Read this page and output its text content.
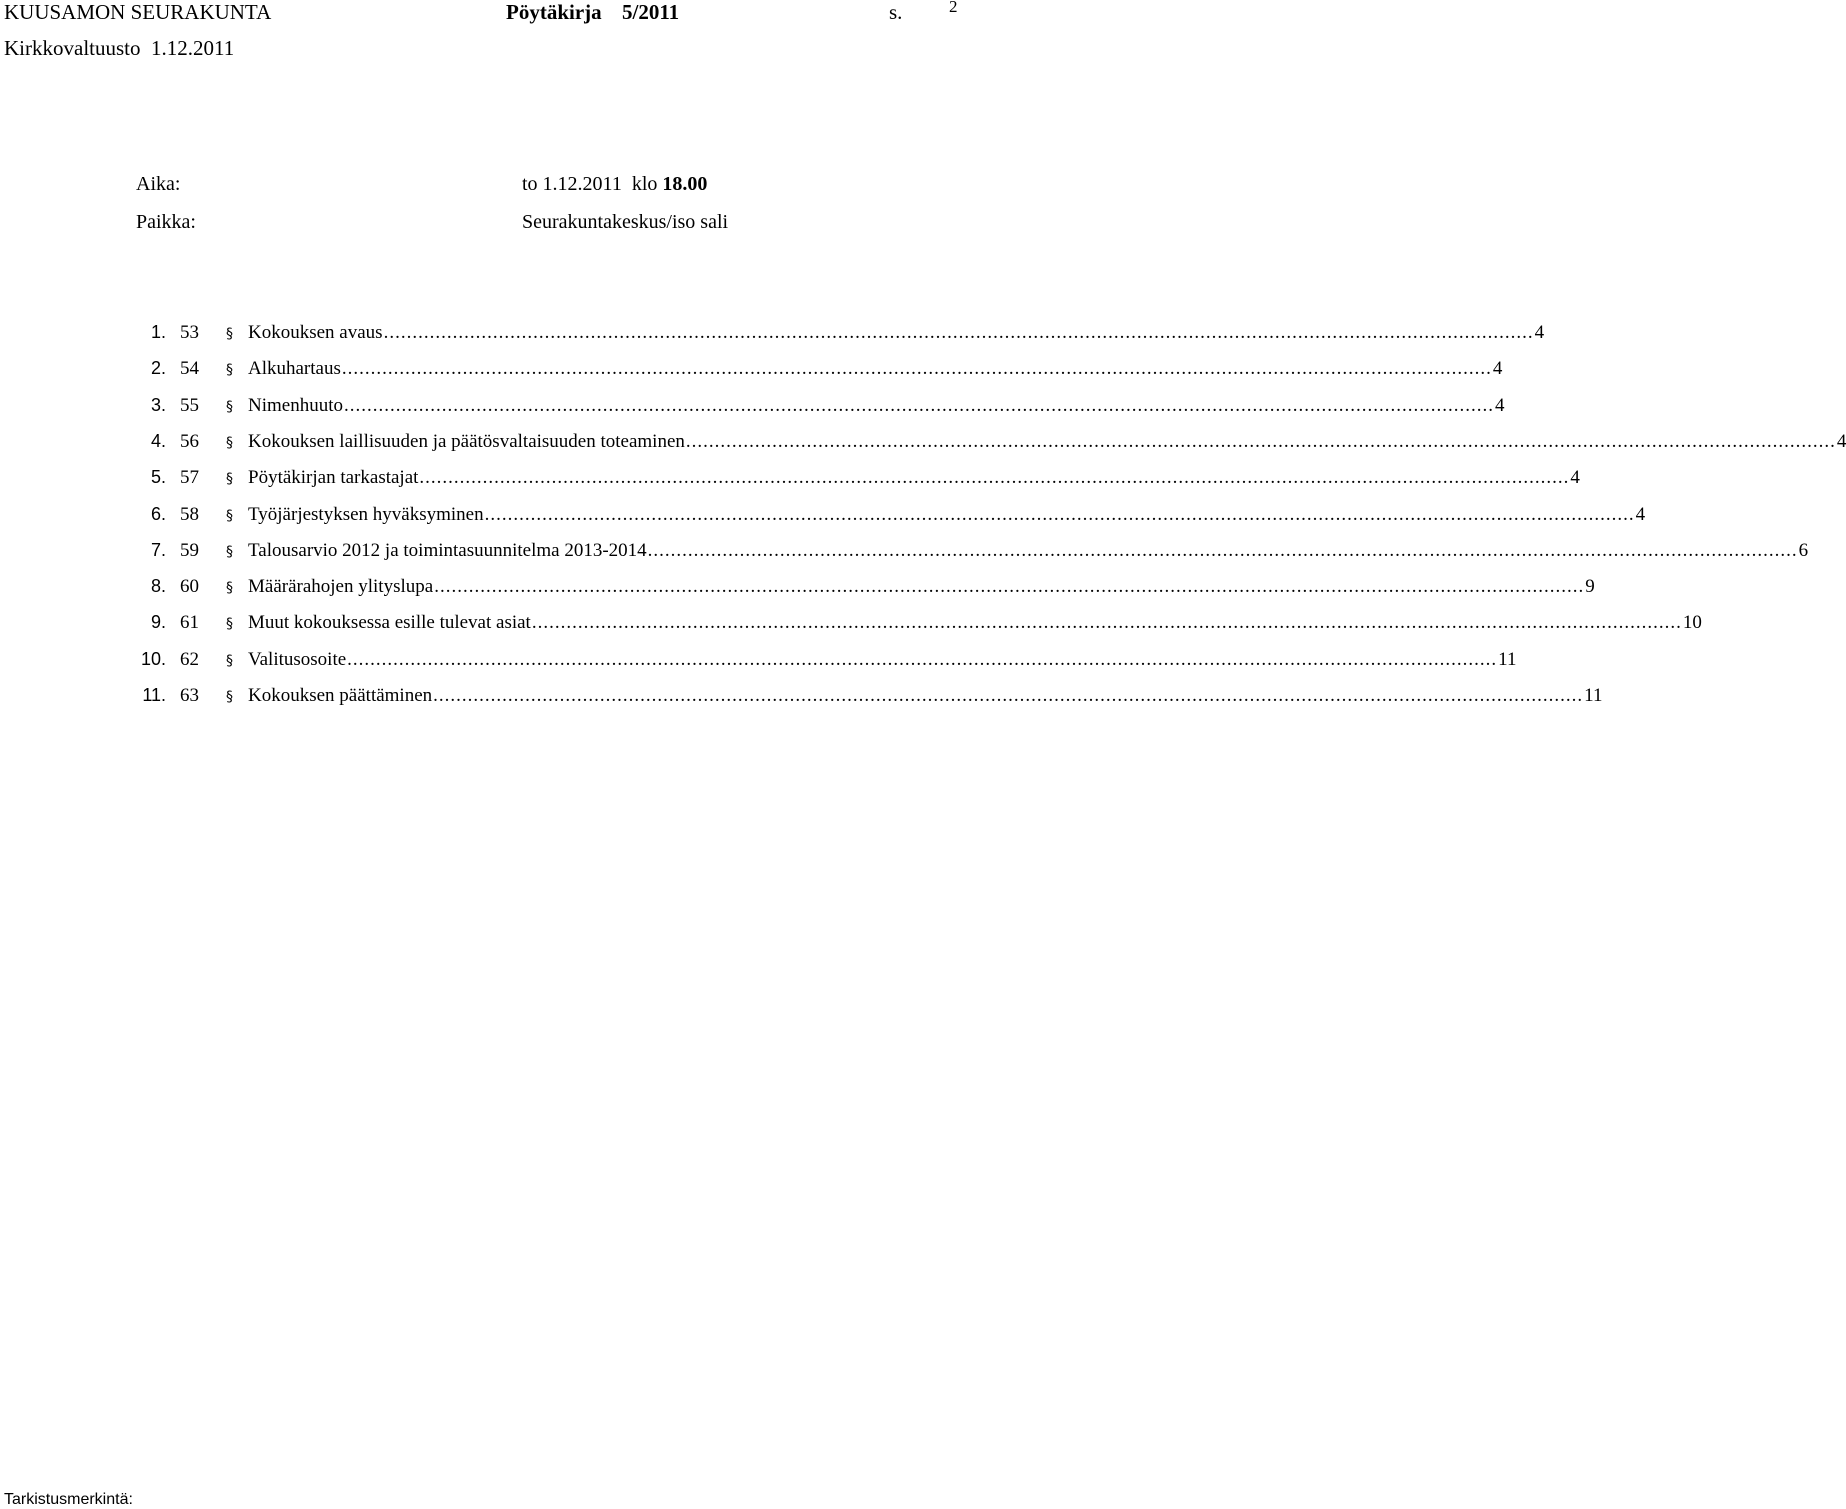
KUUSAMON SEURAKUNTA	Pöytäkirja 5/2011	s.	2
Kirkkovaltuusto  1.12.2011
Aika:	to 1.12.2011  klo 18.00
Paikka:	Seurakuntakeskus/iso sali
1. 53 § Kokouksen avaus ........................................................................................................................................................................................................ 4
2. 54 § Alkuhartaus ........................................................................................................................................................................................................ 4
3. 55 § Nimenhuuto ........................................................................................................................................................................................................ 4
4. 56 § Kokouksen laillisuuden ja päätösvaltaisuuden toteaminen ........................................................................................................................................................................................................ 4
5. 57 § Pöytäkirjan tarkastajat ........................................................................................................................................................................................................ 4
6. 58 § Työjärjestyksen hyväksyminen ........................................................................................................................................................................................................ 4
7. 59 § Talousarvio 2012 ja toimintasuunnitelma 2013-2014 ........................................................................................................................................................................................................ 6
8. 60 § Määrärahojen ylityslupa ........................................................................................................................................................................................................ 9
9. 61 § Muut kokouksessa esille tulevat asiat ........................................................................................................................................................................................................ 10
10. 62 § Valitusosoite ........................................................................................................................................................................................................ 11
11. 63 § Kokouksen päättäminen ........................................................................................................................................................................................................ 11
Tarkistusmerkintä:
